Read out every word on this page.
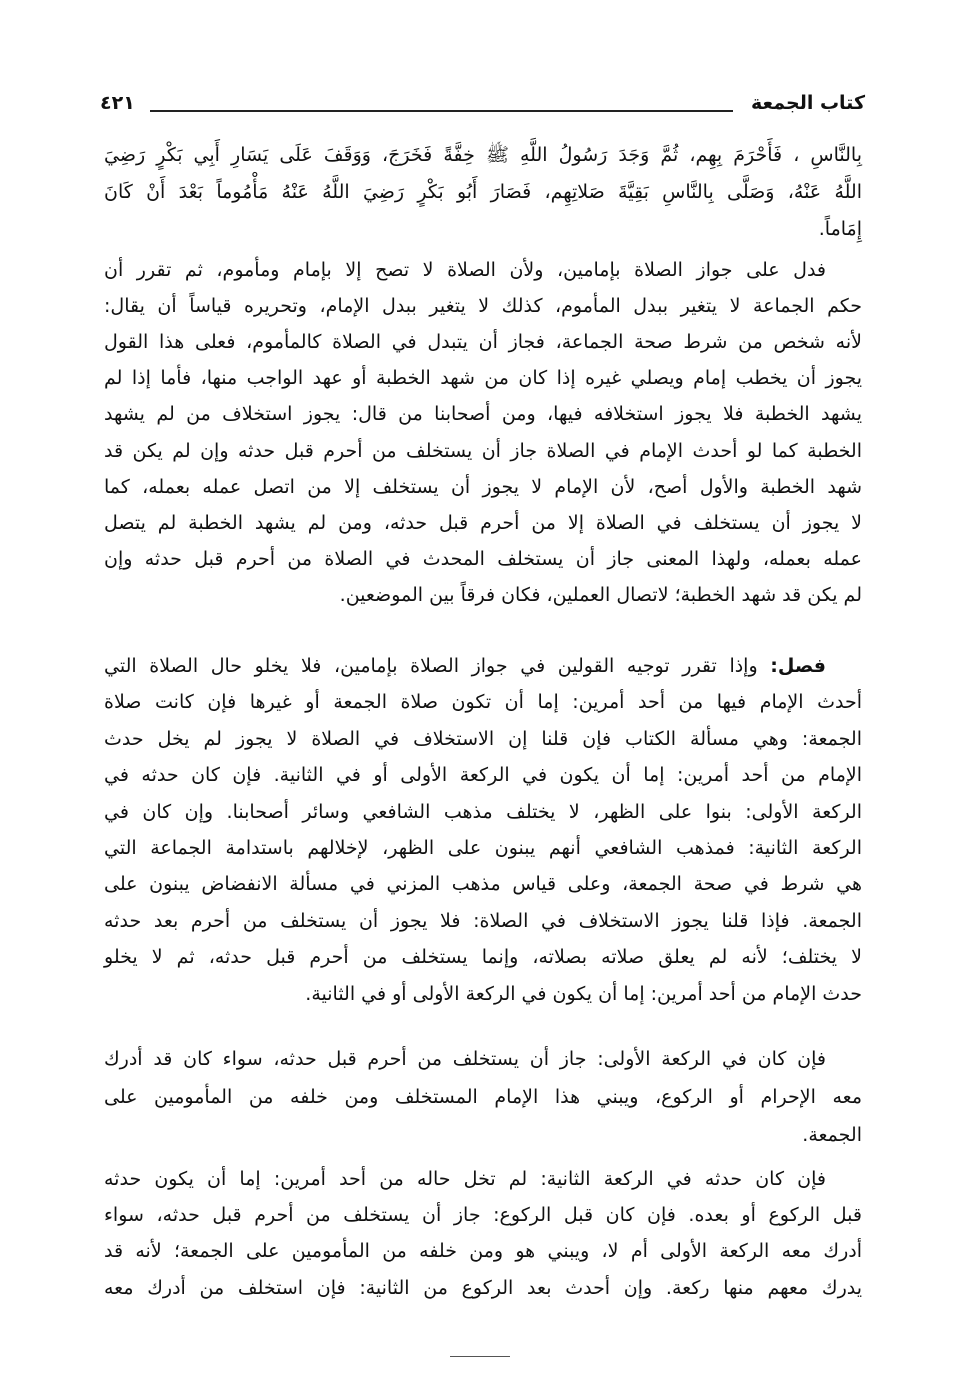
كتاب الجمعة
٤٢١
بِالنَّاسِ ، فَأَحْرَمَ بِهِم، ثُمَّ وَجَدَ رَسُولُ اللَّهِ ﷺ خِفَّةً فَخَرَجَ، وَوَقَفَ عَلَى يَسَارِ أَبِي بَكْرٍ رَضِيَ
اللَّهُ عَنْهُ، وَصَلَّى بِالنَّاسِ بَقِيَّةَ صَلاتِهِم، فَصَارَ أَبُو بَكْرٍ رَضِيَ اللَّهُ عَنْهُ مَأْمُوماً بَعْدَ أَنْ كَانَ
إِمَاماً.
فدل على جواز الصلاة بإمامين، ولأن الصلاة لا تصح إلا بإمام ومأموم، ثم تقرر أن
حكم الجماعة لا يتغير ببدل المأموم، كذلك لا يتغير ببدل الإمام، وتحريره قياساً أن يقال:
لأنه شخص من شرط صحة الجماعة، فجاز أن يتبدل في الصلاة كالمأموم، فعلى هذا القول
يجوز أن يخطب إمام ويصلي غيره إذا كان من شهد الخطبة أو عهد الواجب منها، فأما إذا لم
يشهد الخطبة فلا يجوز استخلافه فيها، ومن أصحابنا من قال: يجوز استخلاف من لم يشهد
الخطبة كما لو أحدث الإمام في الصلاة جاز أن يستخلف من أحرم قبل حدثه وإن لم يكن قد
شهد الخطبة والأول أصح، لأن الإمام لا يجوز أن يستخلف إلا من اتصل عمله بعمله، كما
لا يجوز أن يستخلف في الصلاة إلا من أحرم قبل حدثه، ومن لم يشهد الخطبة لم يتصل
عمله بعمله، ولهذا المعنى جاز أن يستخلف المحدث في الصلاة من أحرم قبل حدثه وإن
لم يكن قد شهد الخطبة؛ لاتصال العملين، فكان فرقاً بين الموضعين.
فصل: وإذا تقرر توجيه القولين في جواز الصلاة بإمامين، فلا يخلو حال الصلاة التي
أحدث الإمام فيها من أحد أمرين: إما أن تكون صلاة الجمعة أو غيرها فإن كانت صلاة
الجمعة: وهي مسألة الكتاب فإن قلنا إن الاستخلاف في الصلاة لا يجوز لم يخل حدث
الإمام من أحد أمرين: إما أن يكون في الركعة الأولى أو في الثانية. فإن كان حدثه في
الركعة الأولى: بنوا على الظهر، لا يختلف مذهب الشافعي وسائر أصحابنا. وإن كان في
الركعة الثانية: فمذهب الشافعي أنهم يبنون على الظهر، لإخلالهم باستدامة الجماعة التي
هي شرط في صحة الجمعة، وعلى قياس مذهب المزني في مسألة الانفضاض يبنون على
الجمعة. فإذا قلنا يجوز الاستخلاف في الصلاة: فلا يجوز أن يستخلف من أحرم بعد حدثه
لا يختلف؛ لأنه لم يعلق صلاته بصلاته، وإنما يستخلف من أحرم قبل حدثه، ثم لا يخلو
حدث الإمام من أحد أمرين: إما أن يكون في الركعة الأولى أو في الثانية.
فإن كان في الركعة الأولى: جاز أن يستخلف من أحرم قبل حدثه، سواء كان قد أدرك
معه الإحرام أو الركوع، ويبني هذا الإمام المستخلف ومن خلفه من المأمومين على
الجمعة.
فإن كان حدثه في الركعة الثانية: لم تخل حاله من أحد أمرين: إما أن يكون حدثه
قبل الركوع أو بعده. فإن كان قبل الركوع: جاز أن يستخلف من أحرم قبل حدثه، سواء
أدرك معه الركعة الأولى أم لا، ويبني هو ومن خلفه من المأمومين على الجمعة؛ لأنه قد
يدرك معهم منها ركعة. وإن أحدث بعد الركوع من الثانية: فإن استخلف من أدرك معه
